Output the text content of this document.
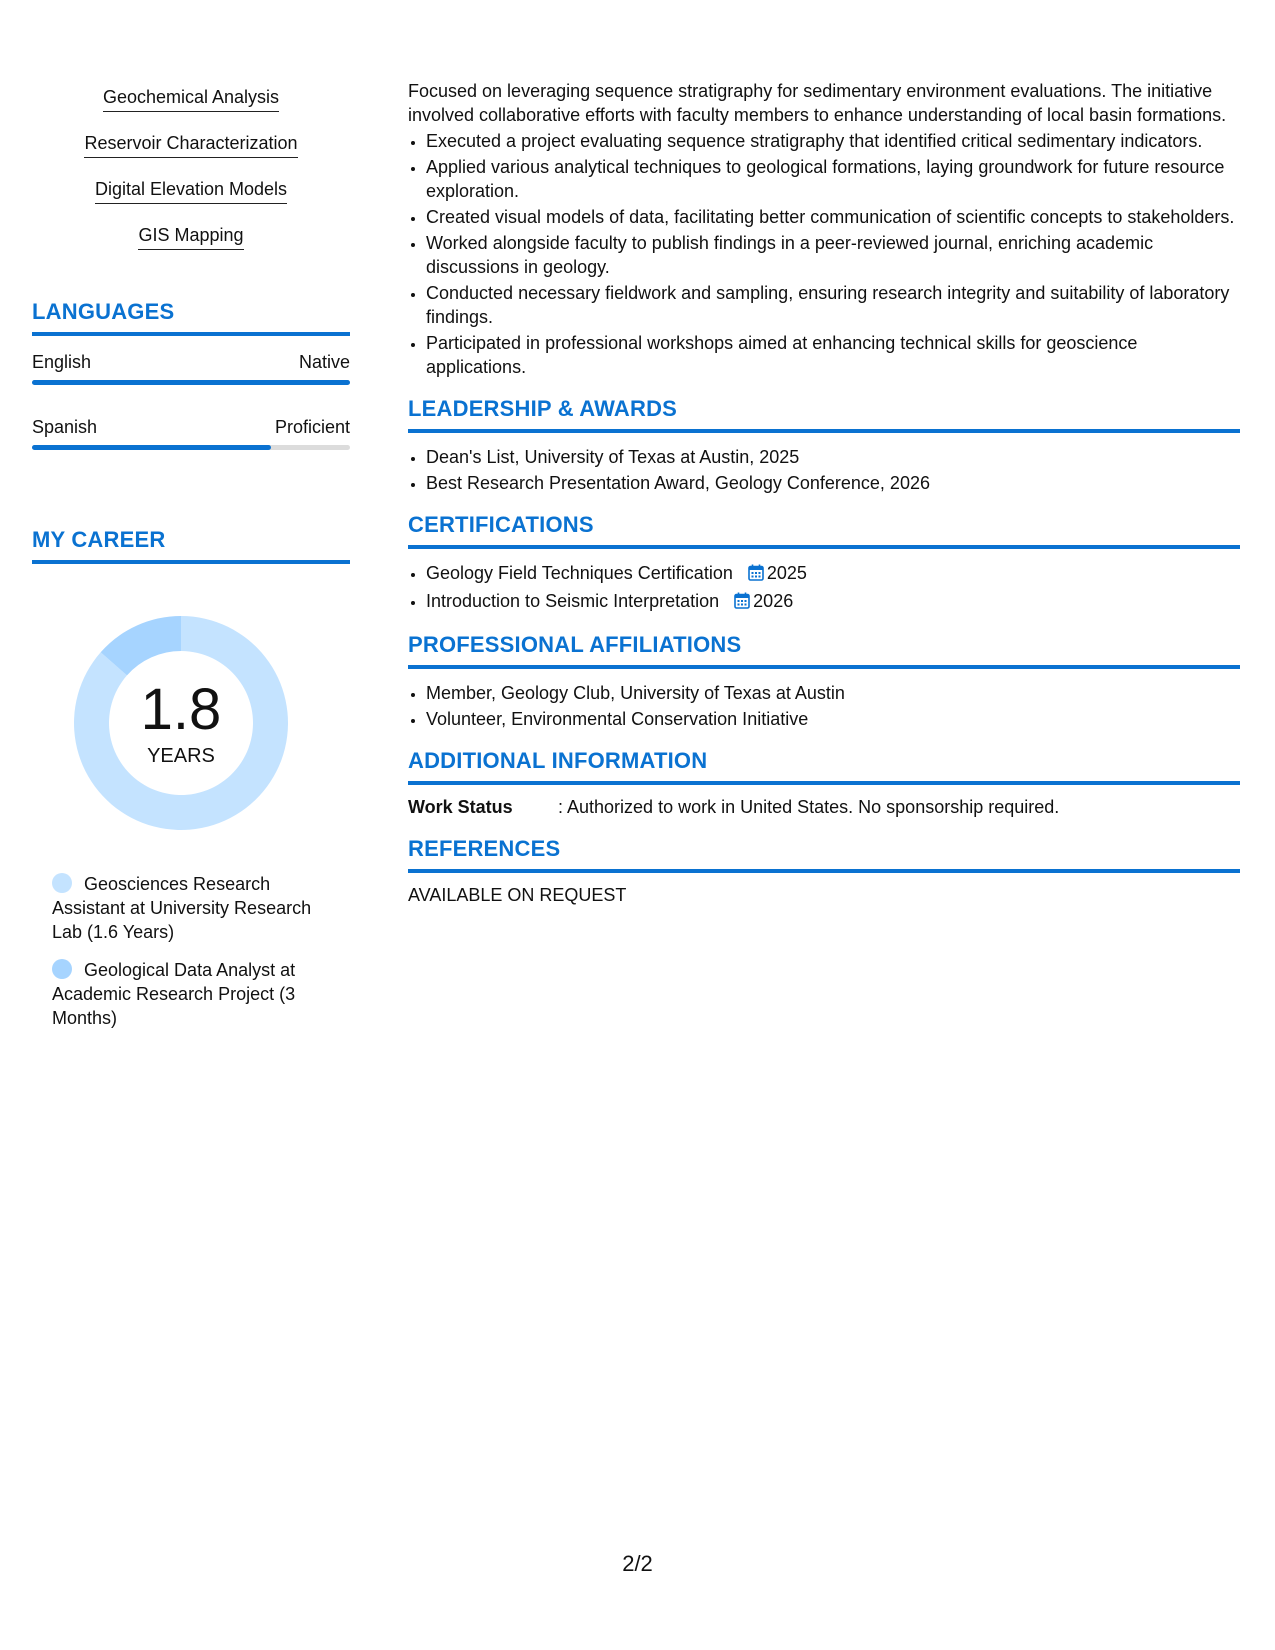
Geochemical Analysis
Reservoir Characterization
Digital Elevation Models
GIS Mapping
LANGUAGES
English	Native
Spanish	Proficient
MY CAREER
1.8
YEARS
Geosciences Research Assistant at University Research Lab (1.6 Years)
Geological Data Analyst at Academic Research Project (3 Months)

Focused on leveraging sequence stratigraphy for sedimentary environment evaluations. The initiative involved collaborative efforts with faculty members to enhance understanding of local basin formations.

• Executed a project evaluating sequence stratigraphy that identified critical sedimentary indicators.
• Applied various analytical techniques to geological formations, laying groundwork for future resource exploration.
• Created visual models of data, facilitating better communication of scientific concepts to stakeholders.
• Worked alongside faculty to publish findings in a peer-reviewed journal, enriching academic discussions in geology.
• Conducted necessary fieldwork and sampling, ensuring research integrity and suitability of laboratory findings.
• Participated in professional workshops aimed at enhancing technical skills for geoscience applications.
LEADERSHIP & AWARDS
• Dean's List, University of Texas at Austin, 2025
• Best Research Presentation Award, Geology Conference, 2026
CERTIFICATIONS
• Geology Field Techniques Certification 2025
• Introduction to Seismic Interpretation 2026
PROFESSIONAL AFFILIATIONS
• Member, Geology Club, University of Texas at Austin
• Volunteer, Environmental Conservation Initiative
ADDITIONAL INFORMATION
Work Status	: Authorized to work in United States. No sponsorship required.
REFERENCES
AVAILABLE ON REQUEST
2/2
